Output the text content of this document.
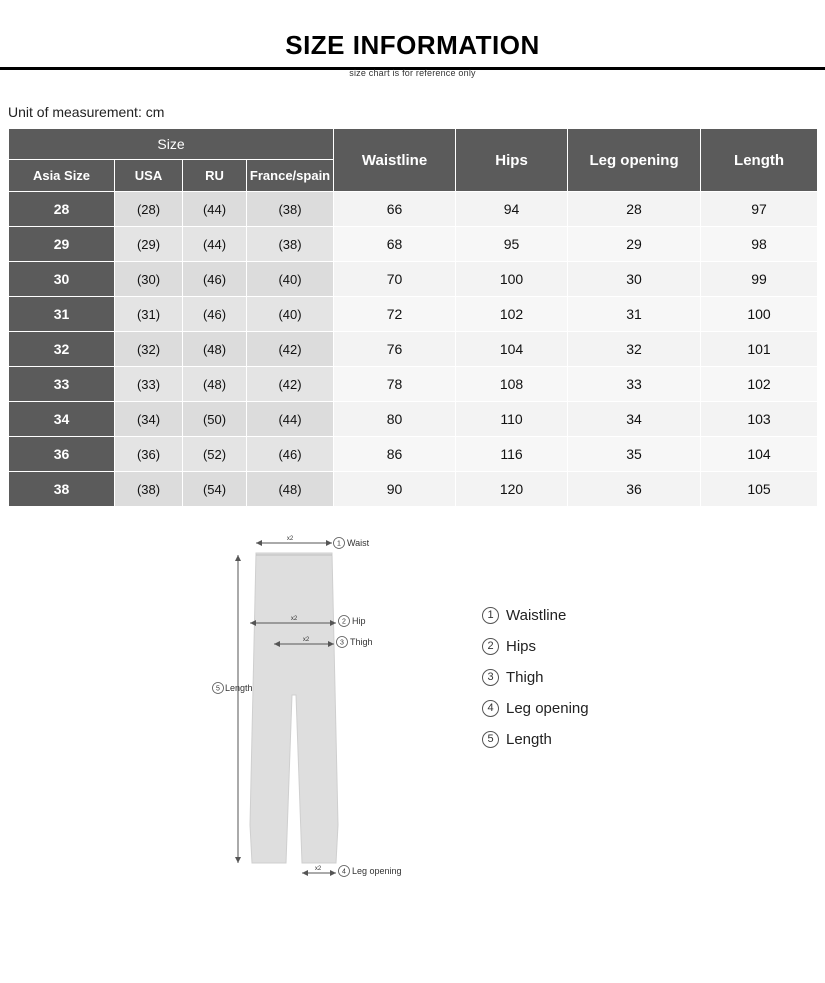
SIZE INFORMATION
size chart is for reference only
Unit of measurement: cm
Size				Waistline	Hips	Leg opening	Length
Asia Size	USA	RU	France/spain				
28	(28)	(44)	(38)	66	94	28	97
29	(29)	(44)	(38)	68	95	29	98
30	(30)	(46)	(40)	70	100	30	99
31	(31)	(46)	(40)	72	102	31	100
32	(32)	(48)	(42)	76	104	32	101
33	(33)	(48)	(42)	78	108	33	102
34	(34)	(50)	(44)	80	110	34	103
36	(36)	(52)	(46)	86	116	35	104
38	(38)	(54)	(48)	90	120	36	105
x2
1 Waist
x2	2 Hip
x2	3 Thigh
5 Length
x2	4 Leg opening
1 Waistline
2 Hips
3 Thigh
4 Leg opening
5 Length
